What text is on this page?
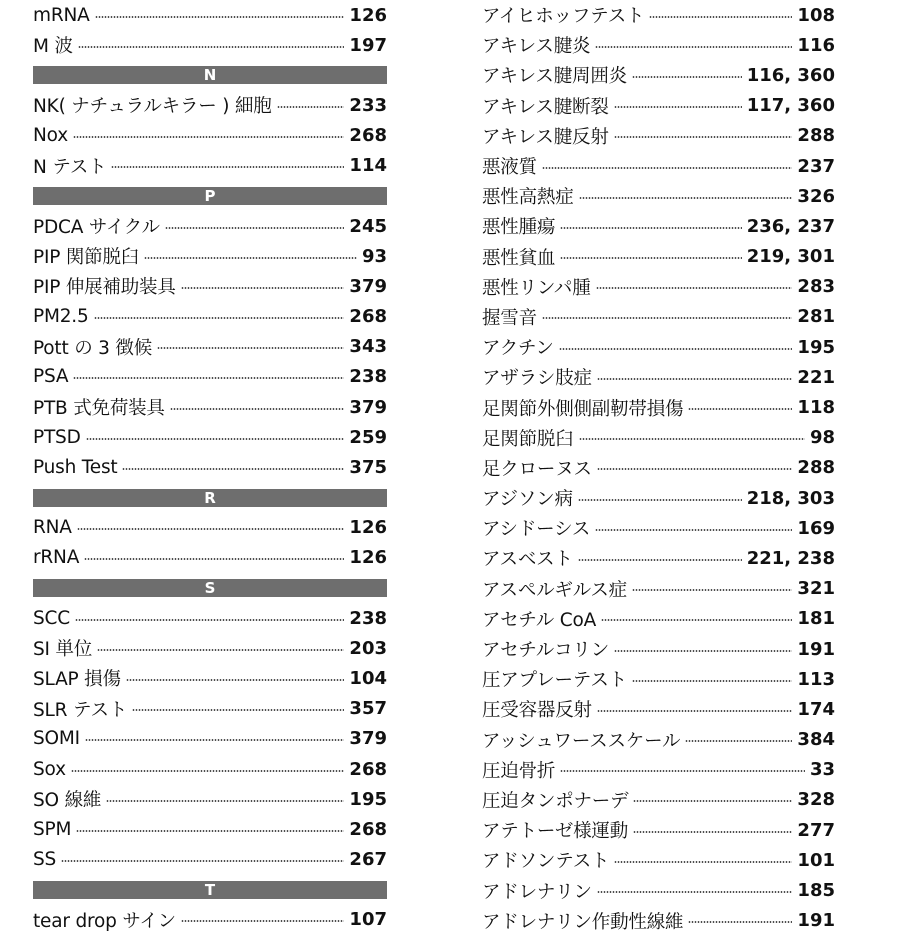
mRNA	126
M 波	197
N
NK( ナチュラルキラー ) 細胞	233
Nox	268
N テスト	114
P
PDCA サイクル	245
PIP 関節脱臼	93
PIP 伸展補助装具	379
PM2.5	268
Pott の 3 徴候	343
PSA	238
PTB 式免荷装具	379
PTSD	259
Push Test	375
R
RNA	126
rRNA	126
S
SCC	238
SI 単位	203
SLAP 損傷	104
SLR テスト	357
SOMI	379
Sox	268
SO 線維	195
SPM	268
SS	267
T
tear drop サイン	107
アイヒホッフテスト	108
アキレス腱炎	116
アキレス腱周囲炎	116, 360
アキレス腱断裂	117, 360
アキレス腱反射	288
悪液質	237
悪性高熱症	326
悪性腫瘍	236, 237
悪性貧血	219, 301
悪性リンパ腫	283
握雪音	281
アクチン	195
アザラシ肢症	221
足関節外側側副靭帯損傷	118
足関節脱臼	98
足クローヌス	288
アジソン病	218, 303
アシドーシス	169
アスベスト	221, 238
アスペルギルス症	321
アセチル CoA	181
アセチルコリン	191
圧アプレーテスト	113
圧受容器反射	174
アッシュワーススケール	384
圧迫骨折	33
圧迫タンポナーデ	328
アテトーゼ様運動	277
アドソンテスト	101
アドレナリン	185
アドレナリン作動性線維	191
